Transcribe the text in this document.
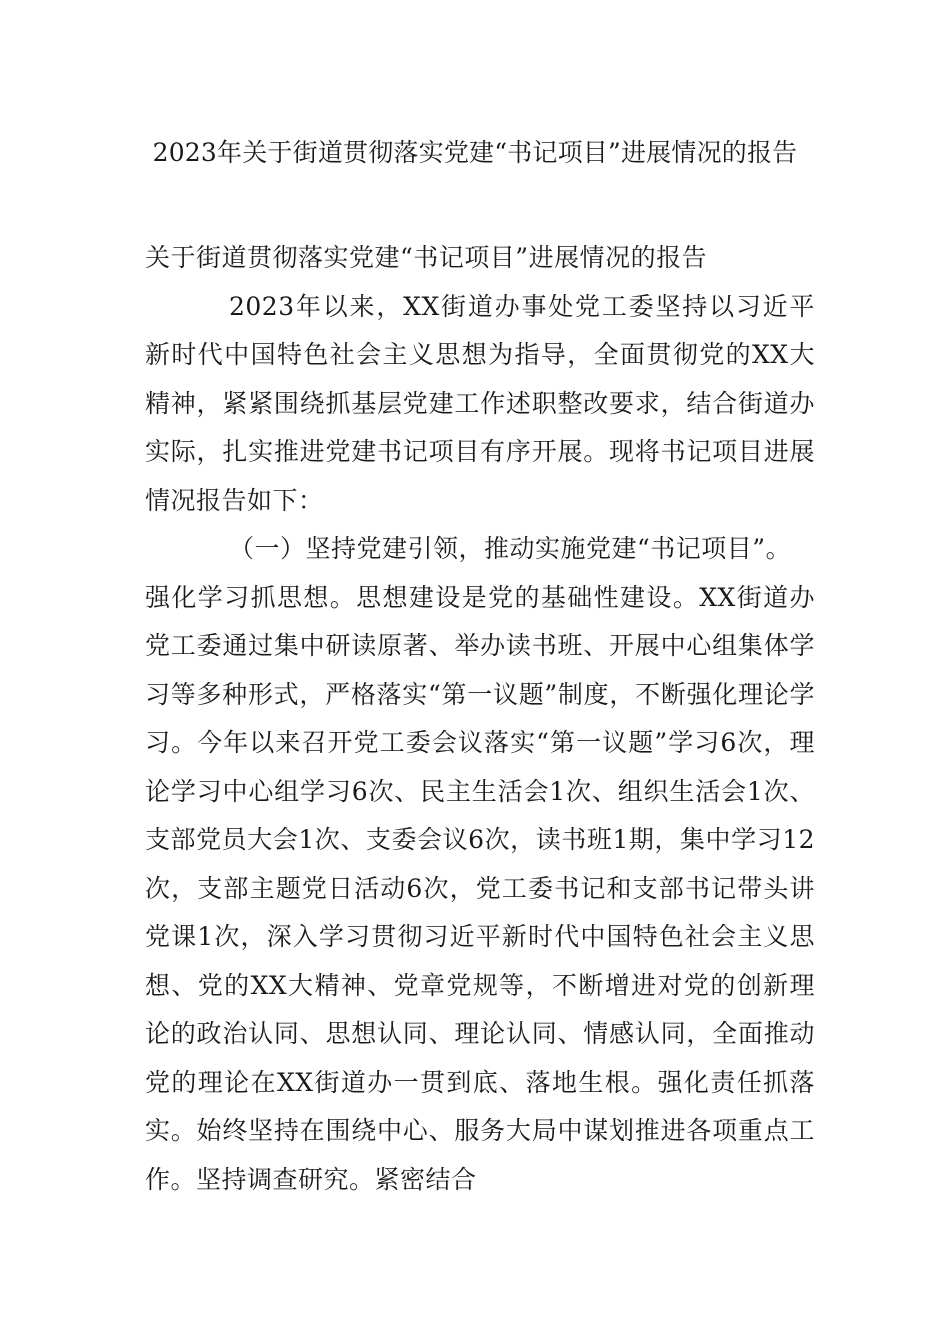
2023年关于街道贯彻落实党建“书记项目”进展情况的报告

关于街道贯彻落实党建“书记项目”进展情况的报告

2023年以来，XX街道办事处党工委坚持以习近平新时代中国特色社会主义思想为指导，全面贯彻党的XX大精神，紧紧围绕抓基层党建工作述职整改要求，结合街道办实际，扎实推进党建书记项目有序开展。现将书记项目进展情况报告如下：

（一）坚持党建引领，推动实施党建“书记项目”。

强化学习抓思想。思想建设是党的基础性建设。XX街道办党工委通过集中研读原著、举办读书班、开展中心组集体学习等多种形式，严格落实“第一议题”制度，不断强化理论学习。今年以来召开党工委会议落实“第一议题”学习6次，理论学习中心组学习6次、民主生活会1次、组织生活会1次、支部党员大会1次、支委会议6次，读书班1期，集中学习12次，支部主题党日活动6次，党工委书记和支部书记带头讲党课1次，深入学习贯彻习近平新时代中国特色社会主义思想、党的XX大精神、党章党规等，不断增进对党的创新理论的政治认同、思想认同、理论认同、情感认同，全面推动党的理论在XX街道办一贯到底、落地生根。强化责任抓落实。始终坚持在围绕中心、服务大局中谋划推进各项重点工作。坚持调查研究。紧密结合
